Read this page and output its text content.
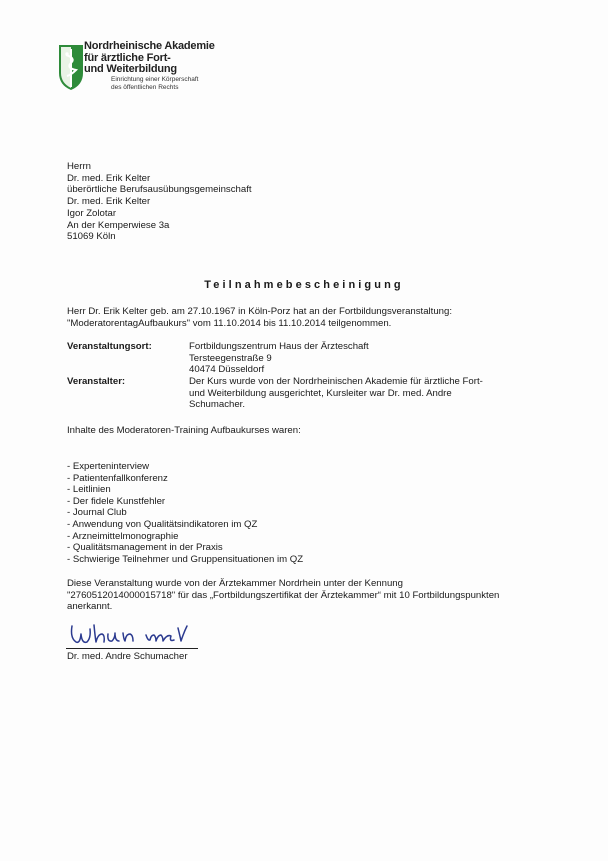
Nordrheinische Akademie
für ärztliche Fort-
und Weiterbildung
Einrichtung einer Körperschaft
des öffentlichen Rechts
Herrn
Dr. med. Erik Kelter
überörtliche Berufsausübungsgemeinschaft
Dr. med. Erik Kelter
Igor Zolotar
An der Kemperwiese 3a
51069 Köln
Teilnahmebescheinigung
Herr Dr. Erik Kelter geb. am 27.10.1967 in Köln-Porz hat an der Fortbildungsveranstaltung:
"ModeratorentagAufbaukurs" vom 11.10.2014 bis 11.10.2014 teilgenommen.
Veranstaltungsort:	Fortbildungszentrum Haus der Ärzteschaft
Tersteegenstraße 9
40474 Düsseldorf
Veranstalter:	Der Kurs wurde von der Nordrheinischen Akademie für ärztliche Fort-
und Weiterbildung ausgerichtet, Kursleiter war Dr. med. Andre
Schumacher.
Inhalte des Moderatoren-Training Aufbaukurses waren:
- Experteninterview
- Patientenfallkonferenz
- Leitlinien
- Der fidele Kunstfehler
- Journal Club
- Anwendung von Qualitätsindikatoren im QZ
- Arzneimittelmonographie
- Qualitätsmanagement in der Praxis
- Schwierige Teilnehmer und Gruppensituationen im QZ
Diese Veranstaltung wurde von der Ärztekammer Nordrhein unter der Kennung
"2760512014000015718" für das „Fortbildungszertifikat der Ärztekammer“ mit 10 Fortbildungspunkten
anerkannt.
Dr. med. Andre Schumacher
